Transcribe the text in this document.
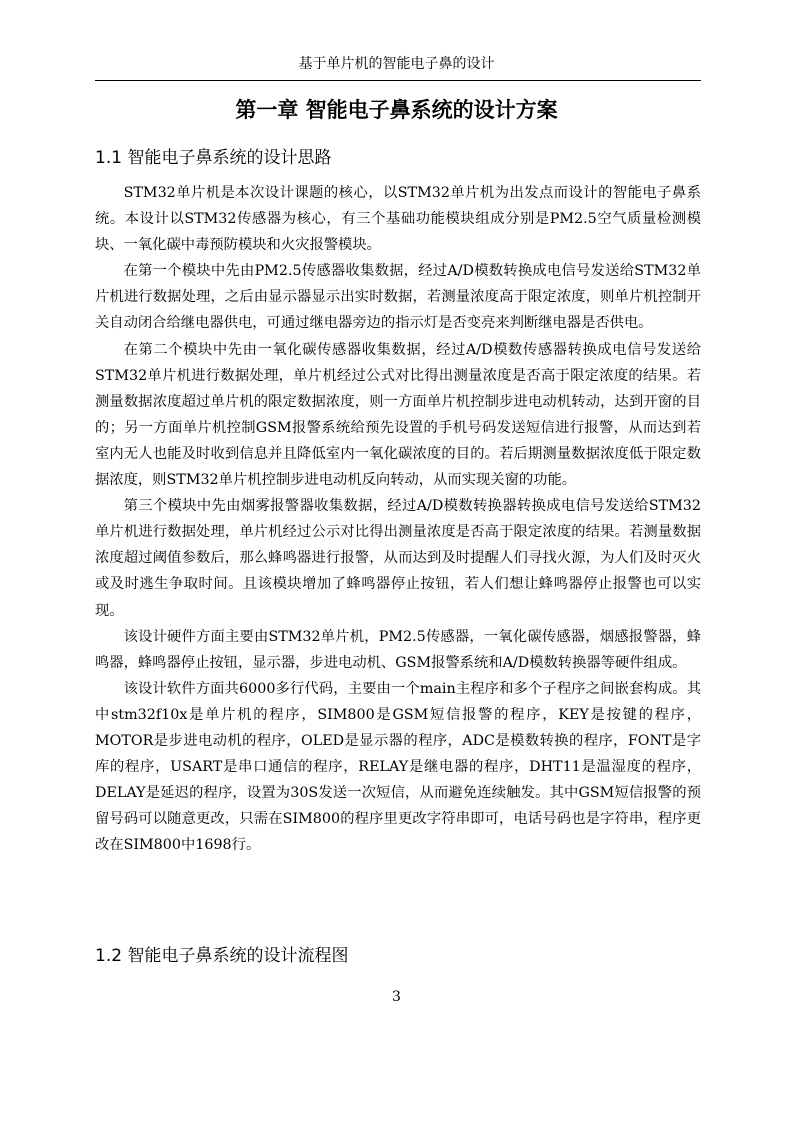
基于单片机的智能电子鼻的设计
第一章 智能电子鼻系统的设计方案
1.1 智能电子鼻系统的设计思路

STM32单片机是本次设计课题的核心，以STM32单片机为出发点而设计的智能电子鼻系统。本设计以STM32传感器为核心，有三个基础功能模块组成分别是PM2.5空气质量检测模块、一氧化碳中毒预防模块和火灾报警模块。

在第一个模块中先由PM2.5传感器收集数据，经过A/D模数转换成电信号发送给STM32单片机进行数据处理，之后由显示器显示出实时数据，若测量浓度高于限定浓度，则单片机控制开关自动闭合给继电器供电，可通过继电器旁边的指示灯是否变亮来判断继电器是否供电。

在第二个模块中先由一氧化碳传感器收集数据，经过A/D模数传感器转换成电信号发送给STM32单片机进行数据处理，单片机经过公式对比得出测量浓度是否高于限定浓度的结果。若测量数据浓度超过单片机的限定数据浓度，则一方面单片机控制步进电动机转动，达到开窗的目的；另一方面单片机控制GSM报警系统给预先设置的手机号码发送短信进行报警，从而达到若室内无人也能及时收到信息并且降低室内一氧化碳浓度的目的。若后期测量数据浓度低于限定数据浓度，则STM32单片机控制步进电动机反向转动，从而实现关窗的功能。

第三个模块中先由烟雾报警器收集数据，经过A/D模数转换器转换成电信号发送给STM32单片机进行数据处理，单片机经过公示对比得出测量浓度是否高于限定浓度的结果。若测量数据浓度超过阈值参数后，那么蜂鸣器进行报警，从而达到及时提醒人们寻找火源，为人们及时灭火或及时逃生争取时间。且该模块增加了蜂鸣器停止按钮，若人们想让蜂鸣器停止报警也可以实现。

该设计硬件方面主要由STM32单片机，PM2.5传感器，一氧化碳传感器，烟感报警器，蜂鸣器，蜂鸣器停止按钮，显示器，步进电动机、GSM报警系统和A/D模数转换器等硬件组成。

该设计软件方面共6000多行代码，主要由一个main主程序和多个子程序之间嵌套构成。其中stm32f10x是单片机的程序，SIM800是GSM短信报警的程序，KEY是按键的程序，MOTOR是步进电动机的程序，OLED是显示器的程序，ADC是模数转换的程序，FONT是字库的程序，USART是串口通信的程序，RELAY是继电器的程序，DHT11是温湿度的程序，DELAY是延迟的程序，设置为30S发送一次短信，从而避免连续触发。其中GSM短信报警的预留号码可以随意更改，只需在SIM800的程序里更改字符串即可，电话号码也是字符串，程序更改在SIM800中1698行。

1.2 智能电子鼻系统的设计流程图
3
